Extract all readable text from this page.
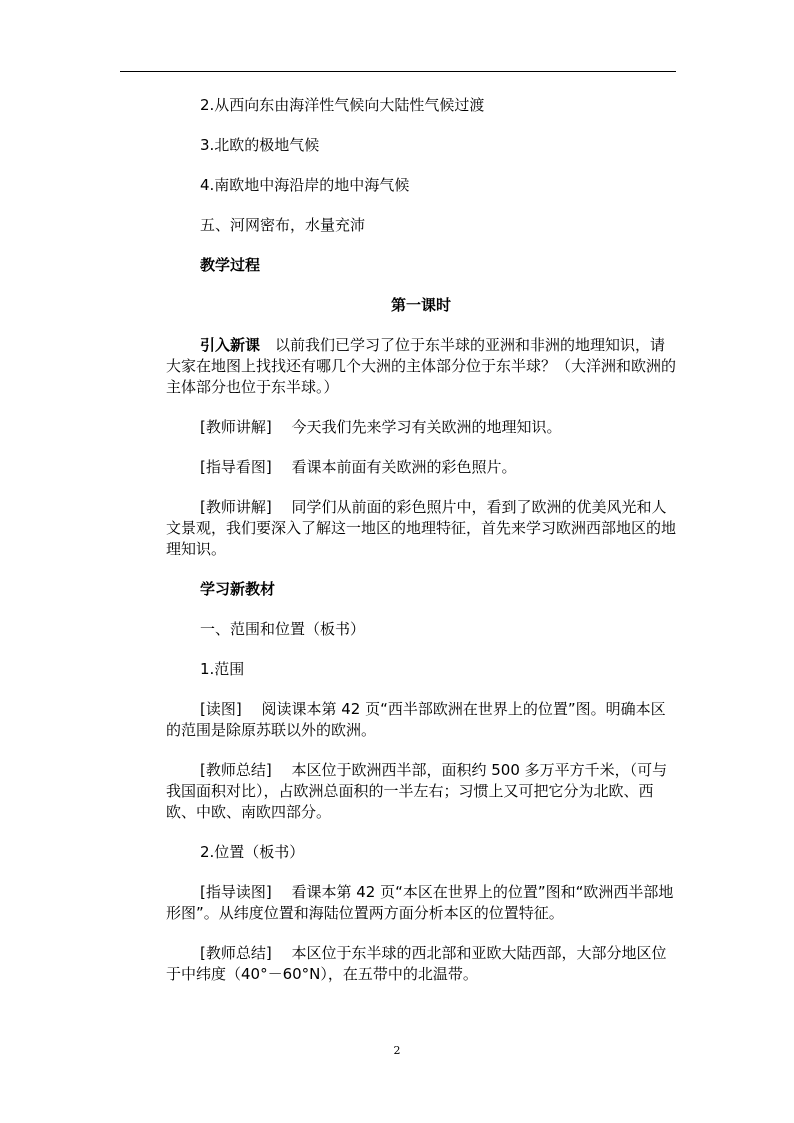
2.从西向东由海洋性气候向大陆性气候过渡

3.北欧的极地气候

4.南欧地中海沿岸的地中海气候

五、河网密布，水量充沛

教学过程

第一课时

引入新课　以前我们已学习了位于东半球的亚洲和非洲的地理知识，请大家在地图上找找还有哪几个大洲的主体部分位于东半球？（大洋洲和欧洲的主体部分也位于东半球。）

[教师讲解]　 今天我们先来学习有关欧洲的地理知识。

[指导看图]　 看课本前面有关欧洲的彩色照片。

[教师讲解]　 同学们从前面的彩色照片中，看到了欧洲的优美风光和人文景观，我们要深入了解这一地区的地理特征，首先来学习欧洲西部地区的地理知识。

学习新教材

一、范围和位置（板书）

1.范围

[读图]　 阅读课本第 42 页“西半部欧洲在世界上的位置”图。明确本区的范围是除原苏联以外的欧洲。

[教师总结]　 本区位于欧洲西半部，面积约 500 多万平方千米，（可与我国面积对比），占欧洲总面积的一半左右；习惯上又可把它分为北欧、西欧、中欧、南欧四部分。

2.位置（板书）

[指导读图]　 看课本第 42 页“本区在世界上的位置”图和“欧洲西半部地形图”。从纬度位置和海陆位置两方面分析本区的位置特征。

[教师总结]　 本区位于东半球的西北部和亚欧大陆西部，大部分地区位于中纬度（40°－60°N），在五带中的北温带。

2
